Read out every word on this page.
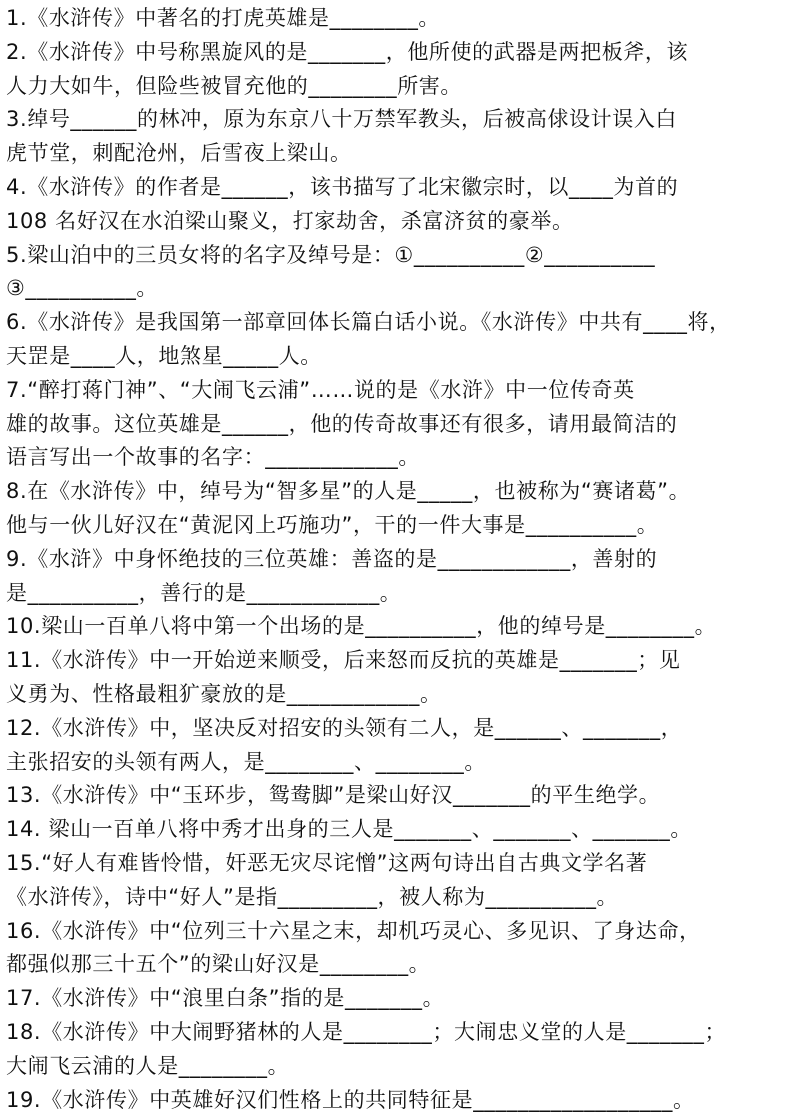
1.《水浒传》中著名的打虎英雄是________。
2.《水浒传》中号称黑旋风的是_______，他所使的武器是两把板斧，该
人力大如牛，但险些被冒充他的________所害。
3.绰号______的林冲，原为东京八十万禁军教头，后被高俅设计误入白
虎节堂，刺配沧州，后雪夜上梁山。
4.《水浒传》的作者是______，该书描写了北宋徽宗时，以____为首的
108 名好汉在水泊梁山聚义，打家劫舍，杀富济贫的豪举。
5.梁山泊中的三员女将的名字及绰号是：①__________②__________
③__________。
6.《水浒传》是我国第一部章回体长篇白话小说。《水浒传》中共有____将，
天罡是____人，地煞星_____人。
7.“醉打蒋门神”、“大闹飞云浦”……说的是《水浒》中一位传奇英
雄的故事。这位英雄是______，他的传奇故事还有很多，请用最简洁的
语言写出一个故事的名字：____________。
8.在《水浒传》中，绰号为“智多星”的人是_____，也被称为“赛诸葛”。
他与一伙儿好汉在“黄泥冈上巧施功”，干的一件大事是__________。
9.《水浒》中身怀绝技的三位英雄：善盗的是____________，善射的
是__________，善行的是____________。
10.梁山一百单八将中第一个出场的是__________，他的绰号是________。
11.《水浒传》中一开始逆来顺受，后来怒而反抗的英雄是_______；见
义勇为、性格最粗犷豪放的是____________。
12.《水浒传》中，坚决反对招安的头领有二人，是______、_______，
主张招安的头领有两人，是________、________。
13.《水浒传》中“玉环步，鸳鸯脚”是梁山好汉_______的平生绝学。
14. 梁山一百单八将中秀才出身的三人是_______、_______、_______。
15.“好人有难皆怜惜，奸恶无灾尽诧憎”这两句诗出自古典文学名著
《水浒传》，诗中“好人”是指_________，被人称为__________。
16.《水浒传》中“位列三十六星之末，却机巧灵心、多见识、了身达命，
都强似那三十五个”的梁山好汉是________。
17.《水浒传》中“浪里白条”指的是_______。
18.《水浒传》中大闹野猪林的人是________；大闹忠义堂的人是_______；
大闹飞云浦的人是________。
19.《水浒传》中英雄好汉们性格上的共同特征是__________________。
